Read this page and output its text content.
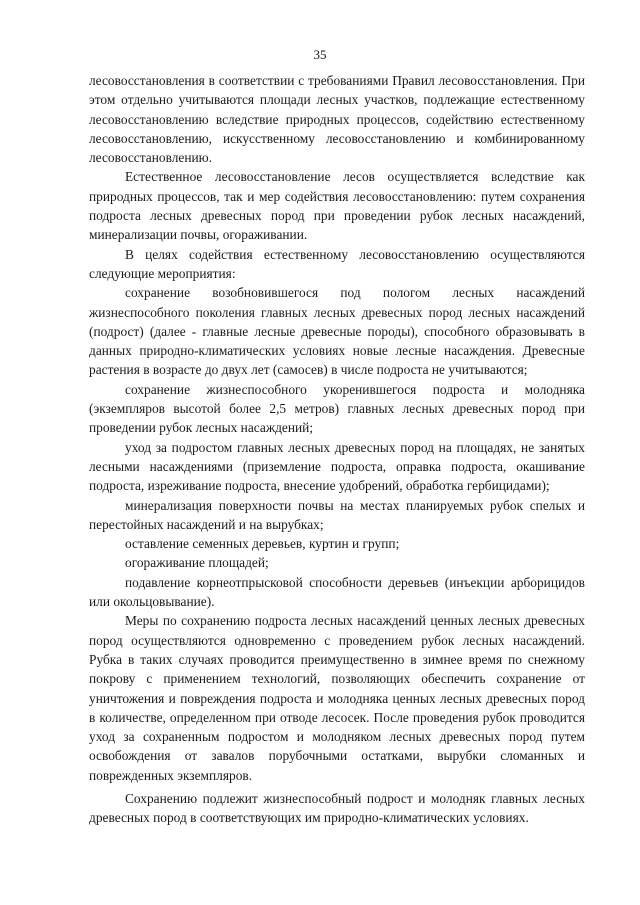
35

лесовосстановления в соответствии с требованиями Правил лесовосстановления. При этом отдельно учитываются площади лесных участков, подлежащие естественному лесовосстановлению вследствие природных процессов, содействию естественному лесовосстановлению, искусственному лесовосстановлению и комбинированному лесовосстановлению.

Естественное лесовосстановление лесов осуществляется вследствие как природных процессов, так и мер содействия лесовосстановлению: путем сохранения подроста лесных древесных пород при проведении рубок лесных насаждений, минерализации почвы, огораживании.

В целях содействия естественному лесовосстановлению осуществляются следующие мероприятия:

сохранение возобновившегося под пологом лесных насаждений жизнеспособного поколения главных лесных древесных пород лесных насаждений (подрост) (далее - главные лесные древесные породы), способного образовывать в данных природно-климатических условиях новые лесные насаждения. Древесные растения в возрасте до двух лет (самосев) в числе подроста не учитываются;

сохранение жизнеспособного укоренившегося подроста и молодняка (экземпляров высотой более 2,5 метров) главных лесных древесных пород при проведении рубок лесных насаждений;

уход за подростом главных лесных древесных пород на площадях, не занятых лесными насаждениями (приземление подроста, оправка подроста, окашивание подроста, изреживание подроста, внесение удобрений, обработка гербицидами);

минерализация поверхности почвы на местах планируемых рубок спелых и перестойных насаждений и на вырубках;

оставление семенных деревьев, куртин и групп;

огораживание площадей;

подавление корнеотпрысковой способности деревьев (инъекции арборицидов или окольцовывание).

Меры по сохранению подроста лесных насаждений ценных лесных древесных пород осуществляются одновременно с проведением рубок лесных насаждений. Рубка в таких случаях проводится преимущественно в зимнее время по снежному покрову с применением технологий, позволяющих обеспечить сохранение от уничтожения и повреждения подроста и молодняка ценных лесных древесных пород в количестве, определенном при отводе лесосек. После проведения рубок проводится уход за сохраненным подростом и молодняком лесных древесных пород путем освобождения от завалов порубочными остатками, вырубки сломанных и поврежденных экземпляров.

Сохранению подлежит жизнеспособный подрост и молодняк главных лесных древесных пород в соответствующих им природно-климатических условиях.
